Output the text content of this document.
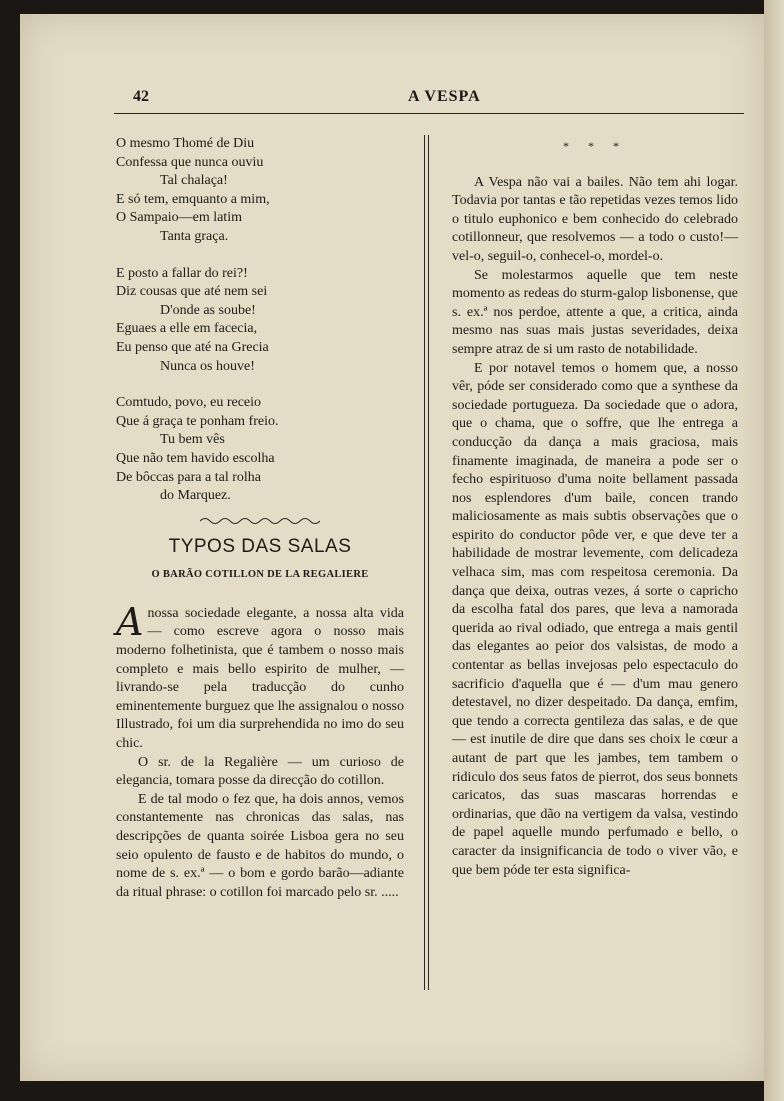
42	A VESPA

O mesmo Thomé de Diu

Confessa que nunca ouviu

Tal chalaça!

E só tem, emquanto a mim,

O Sampaio—em latim

Tanta graça.

E posto a fallar do rei?!

Diz cousas que até nem sei

D'onde as soube!

Eguaes a elle em facecia,

Eu penso que até na Grecia

Nunca os houve!

Comtudo, povo, eu receio

Que á graça te ponham freio.

Tu bem vês

Que não tem havido escolha

De bôccas para a tal rolha

do Marquez.

TYPOS DAS SALAS
O BARÃO COTILLON DE LA REGALIERE

A nossa sociedade elegante, a nossa alta vida — como escreve agora o nosso mais moderno folhetinista, que é tambem o nosso mais completo e mais bello espirito de mulher, —livrando-se pela traducção do cunho eminentemente burguez que lhe assignalou o nosso Illustrado, foi um dia surprehendida no imo do seu chic.

O sr. de la Regalière — um curioso de elegancia, tomara posse da direcção do cotillon.

E de tal modo o fez que, ha dois annos, vemos constantemente nas chronicas das salas, nas descripções de quanta soirée Lisboa gera no seu seio opulento de fausto e de habitos do mundo, o nome de s. ex.ª — o bom e gordo barão—adiante da ritual phrase: o cotillon foi marcado pelo sr. .....

* * *

A Vespa não vai a bailes. Não tem ahi logar. Todavia por tantas e tão repetidas vezes temos lido o titulo euphonico e bem conhecido do celebrado cotillonneur, que resolvemos — a todo o custo!—vel-o, seguil-o, conhecel-o, mordel-o.

Se molestarmos aquelle que tem neste momento as redeas do sturm-galop lisbonense, que s. ex.ª nos perdoe, attente a que, a critica, ainda mesmo nas suas mais justas severidades, deixa sempre atraz de si um rasto de notabilidade.

E por notavel temos o homem que, a nosso vêr, póde ser considerado como que a synthese da sociedade portugueza. Da sociedade que o adora, que o chama, que o soffre, que lhe entrega a conducção da dança a mais graciosa, mais finamente imaginada, de maneira a pode ser o fecho espirituoso d'uma noite bellament passada nos esplendores d'um baile, concen trando maliciosamente as mais subtis observações que o espirito do conductor pôde ver, e que deve ter a habilidade de mostrar levemente, com delicadeza velhaca sim, mas com respeitosa ceremonia. Da dança que deixa, outras vezes, á sorte o capricho da escolha fatal dos pares, que leva a namorada querida ao rival odiado, que entrega a mais gentil das elegantes ao peior dos valsistas, de modo a contentar as bellas invejosas pelo espectaculo do sacrificio d'aquella que é — d'um mau genero detestavel, no dizer despeitado. Da dança, emfim, que tendo a correcta gentileza das salas, e de que — est inutile de dire que dans ses choix le cœur a autant de part que les jambes, tem tambem o ridiculo dos seus fatos de pierrot, dos seus bonnets caricatos, das suas mascaras horrendas e ordinarias, que dão na vertigem da valsa, vestindo de papel aquelle mundo perfumado e bello, o caracter da insignificancia de todo o viver vão, e que bem póde ter esta significa-
